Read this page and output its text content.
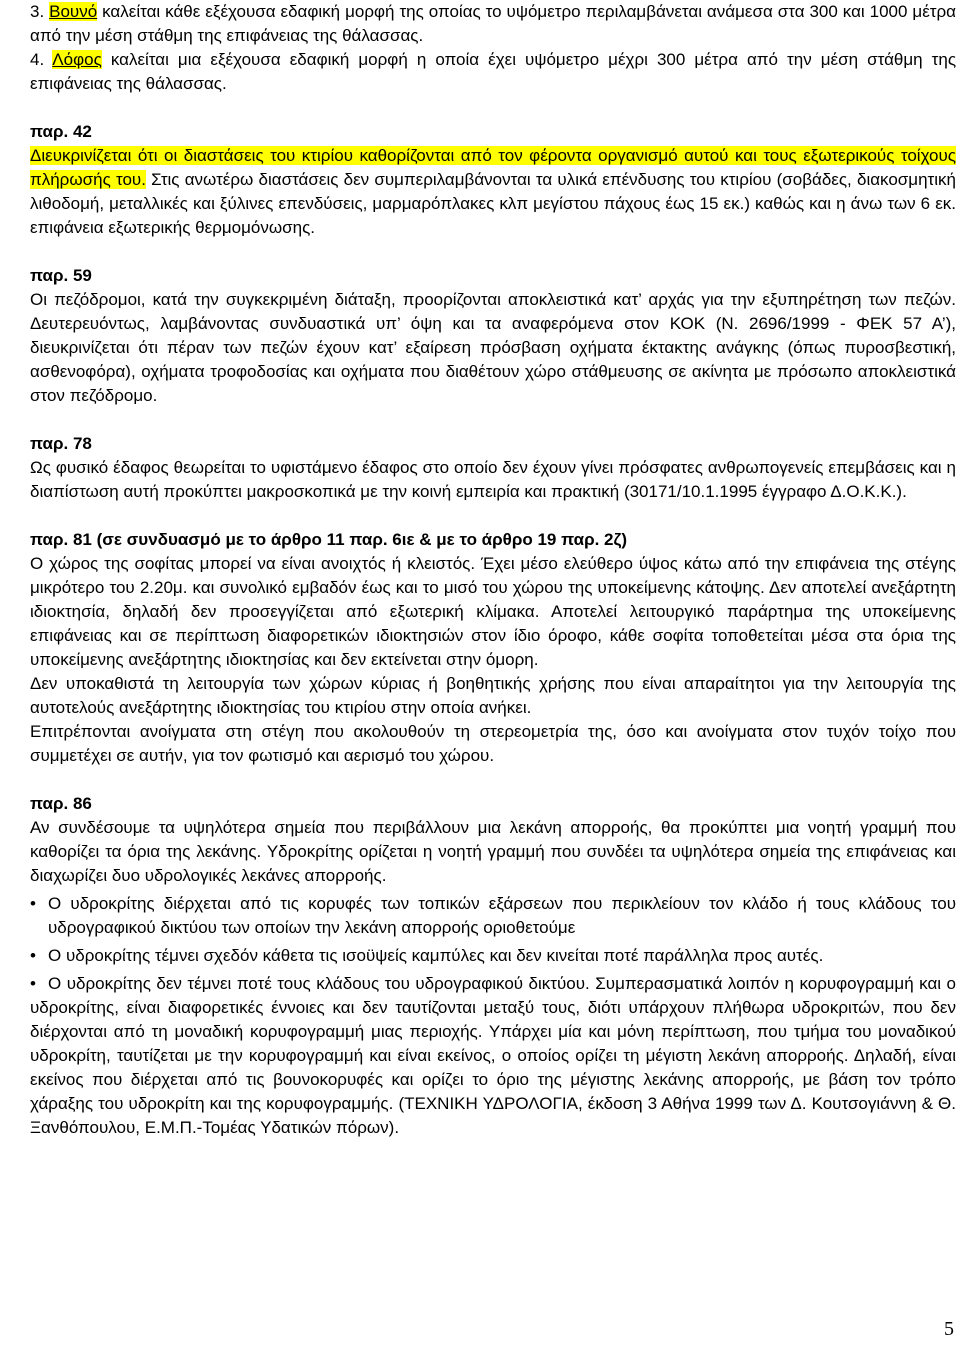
3. Βουνό καλείται κάθε εξέχουσα εδαφική μορφή της οποίας το υψόμετρο περιλαμβάνεται ανάμεσα στα 300 και 1000 μέτρα από την μέση στάθμη της επιφάνειας της θάλασσας.

4. Λόφος καλείται μια εξέχουσα εδαφική μορφή η οποία έχει υψόμετρο μέχρι 300 μέτρα από την μέση στάθμη της επιφάνειας της θάλασσας.

παρ. 42

Διευκρινίζεται ότι οι διαστάσεις του κτιρίου καθορίζονται από τον φέροντα οργανισμό αυτού και τους εξωτερικούς τοίχους πλήρωσής του. Στις ανωτέρω διαστάσεις δεν συμπεριλαμβάνονται τα υλικά επένδυσης του κτιρίου (σοβάδες, διακοσμητική λιθοδομή, μεταλλικές και ξύλινες επενδύσεις, μαρμαρόπλακες κλπ μεγίστου πάχους έως 15 εκ.) καθώς και η άνω των 6 εκ. επιφάνεια εξωτερικής θερμομόνωσης.

παρ. 59

Οι πεζόδρομοι, κατά την συγκεκριμένη διάταξη, προορίζονται αποκλειστικά κατ’ αρχάς για την εξυπηρέτηση των πεζών. Δευτερευόντως, λαμβάνοντας συνδυαστικά υπ’ όψη και τα αναφερόμενα στον ΚΟΚ (Ν. 2696/1999 - ΦΕΚ 57 Α’), διευκρινίζεται ότι πέραν των πεζών έχουν κατ’ εξαίρεση πρόσβαση οχήματα έκτακτης ανάγκης (όπως πυροσβεστική, ασθενοφόρα), οχήματα τροφοδοσίας και οχήματα που διαθέτουν χώρο στάθμευσης σε ακίνητα με πρόσωπο αποκλειστικά στον πεζόδρομο.

παρ. 78

Ως φυσικό έδαφος θεωρείται το υφιστάμενο έδαφος στο οποίο δεν έχουν γίνει πρόσφατες ανθρωπογενείς επεμβάσεις και η διαπίστωση αυτή προκύπτει μακροσκοπικά με την κοινή εμπειρία και πρακτική (30171/10.1.1995 έγγραφο Δ.Ο.Κ.Κ.).

παρ. 81 (σε συνδυασμό με το άρθρο 11 παρ. 6ιε & με το άρθρο 19 παρ. 2ζ)

Ο χώρος της σοφίτας μπορεί να είναι ανοιχτός ή κλειστός. Έχει μέσο ελεύθερο ύψος κάτω από την επιφάνεια της στέγης μικρότερο του 2.20μ. και συνολικό εμβαδόν έως και το μισό του χώρου της υποκείμενης κάτοψης. Δεν αποτελεί ανεξάρτητη ιδιοκτησία, δηλαδή δεν προσεγγίζεται από εξωτερική κλίμακα. Αποτελεί λειτουργικό παράρτημα της υποκείμενης επιφάνειας και σε περίπτωση διαφορετικών ιδιοκτησιών στον ίδιο όροφο, κάθε σοφίτα τοποθετείται μέσα στα όρια της υποκείμενης ανεξάρτητης ιδιοκτησίας και δεν εκτείνεται στην όμορη.

Δεν υποκαθιστά τη λειτουργία των χώρων κύριας ή βοηθητικής χρήσης που είναι απαραίτητοι για την λειτουργία της αυτοτελούς ανεξάρτητης ιδιοκτησίας του κτιρίου στην οποία ανήκει.

Επιτρέπονται ανοίγματα στη στέγη που ακολουθούν τη στερεομετρία της, όσο και ανοίγματα στον τυχόν τοίχο που συμμετέχει σε αυτήν, για τον φωτισμό και αερισμό του χώρου.

παρ. 86

Αν συνδέσουμε τα υψηλότερα σημεία που περιβάλλουν μια λεκάνη απορροής, θα προκύπτει μια νοητή γραμμή που καθορίζει τα όρια της λεκάνης. Υδροκρίτης ορίζεται η νοητή γραμμή που συνδέει τα υψηλότερα σημεία της επιφάνειας και διαχωρίζει δυο υδρολογικές λεκάνες απορροής.

• Ο υδροκρίτης διέρχεται από τις κορυφές των τοπικών εξάρσεων που περικλείουν τον κλάδο ή τους κλάδους του υδρογραφικού δικτύου των οποίων την λεκάνη απορροής οριοθετούμε
• Ο υδροκρίτης τέμνει σχεδόν κάθετα τις ισοϋψείς καμπύλες και δεν κινείται ποτέ παράλληλα προς αυτές.
• Ο υδροκρίτης δεν τέμνει ποτέ τους κλάδους του υδρογραφικού δικτύου. Συμπερασματικά λοιπόν η κορυφογραμμή και ο υδροκρίτης, είναι διαφορετικές έννοιες και δεν ταυτίζονται μεταξύ τους, διότι υπάρχουν πλήθωρα υδροκριτών, που δεν διέρχονται από τη μοναδική κορυφογραμμή μιας περιοχής. Υπάρχει μία και μόνη περίπτωση, που τμήμα του μοναδικού υδροκρίτη, ταυτίζεται με την κορυφογραμμή και είναι εκείνος, ο οποίος ορίζει τη μέγιστη λεκάνη απορροής. Δηλαδή, είναι εκείνος που διέρχεται από τις βουνοκορυφές και ορίζει το όριο της μέγιστης λεκάνης απορροής, με βάση τον τρόπο χάραξης του υδροκρίτη και της κορυφογραμμής. (ΤΕΧΝΙΚΗ ΥΔΡΟΛΟΓΙΑ, έκδοση 3 Αθήνα 1999 των Δ. Κουτσογιάννη & Θ. Ξανθόπουλου, Ε.Μ.Π.-Τομέας Υδατικών πόρων).
5
